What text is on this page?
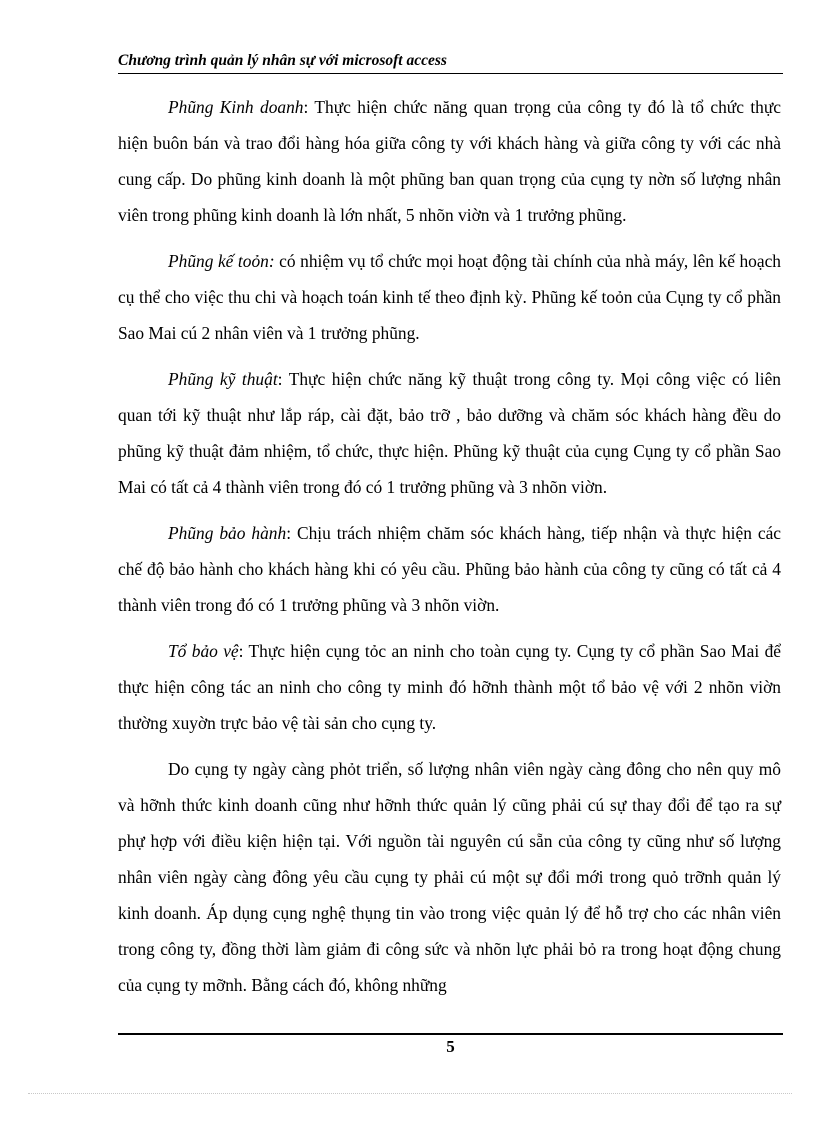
Chương trình quản lý nhân sự với microsoft access

Phũng Kinh doanh: Thực hiện chức năng quan trọng của công ty đó là tổ chức thực hiện buôn bán và trao đổi hàng hóa giữa công ty với khách hàng và giữa công ty với các nhà cung cấp. Do phũng kinh doanh là một phũng ban quan trọng của cụng ty nờn số lượng nhân viên trong phũng kinh doanh là lớn nhất, 5 nhõn viờn và 1 trưởng phũng.

Phũng kế toỏn: có nhiệm vụ tổ chức mọi hoạt động tài chính của nhà máy, lên kế hoạch cụ thể cho việc thu chi và hoạch toán kinh tế theo định kỳ. Phũng kế toỏn của Cụng ty cổ phần Sao Mai cú 2 nhân viên và 1 trưởng phũng.

Phũng kỹ thuật: Thực hiện chức năng kỹ thuật trong công ty. Mọi công việc có liên quan tới kỹ thuật như lắp ráp, cài đặt, bảo trỡ , bảo dưỡng và chăm sóc khách hàng đều do phũng kỹ thuật đảm nhiệm, tổ chức, thực hiện. Phũng kỹ thuật của cụng Cụng ty cổ phần Sao Mai có tất cả 4 thành viên trong đó có 1 trưởng phũng và 3 nhõn viờn.

Phũng bảo hành: Chịu trách nhiệm chăm sóc khách hàng, tiếp nhận và thực hiện các chế độ bảo hành cho khách hàng khi có yêu cầu. Phũng bảo hành của công ty cũng có tất cả 4 thành viên trong đó có 1 trưởng phũng và 3 nhõn viờn.

Tổ bảo vệ: Thực hiện cụng tỏc an ninh cho toàn cụng ty. Cụng ty cổ phần Sao Mai để thực hiện công tác an ninh cho công ty minh đó hỡnh thành một tổ bảo vệ với 2 nhõn viờn thường xuyờn trực bảo vệ tài sản cho cụng ty.

Do cụng ty ngày càng phỏt triển, số lượng nhân viên ngày càng đông cho nên quy mô và hỡnh thức kinh doanh cũng như hỡnh thức quản lý cũng phải cú sự thay đổi để tạo ra sự phự hợp với điều kiện hiện tại. Với nguồn tài nguyên cú sẵn của công ty cũng như số lượng nhân viên ngày càng đông yêu cầu cụng ty phải cú một sự đổi mới trong quỏ trỡnh quản lý kinh doanh. Áp dụng cụng nghệ thụng tin vào trong việc quản lý để hỗ trợ cho các nhân viên trong công ty, đồng thời làm giảm đi công sức và nhõn lực phải bỏ ra trong hoạt động chung của cụng ty mỡnh. Bằng cách đó, không những

5
